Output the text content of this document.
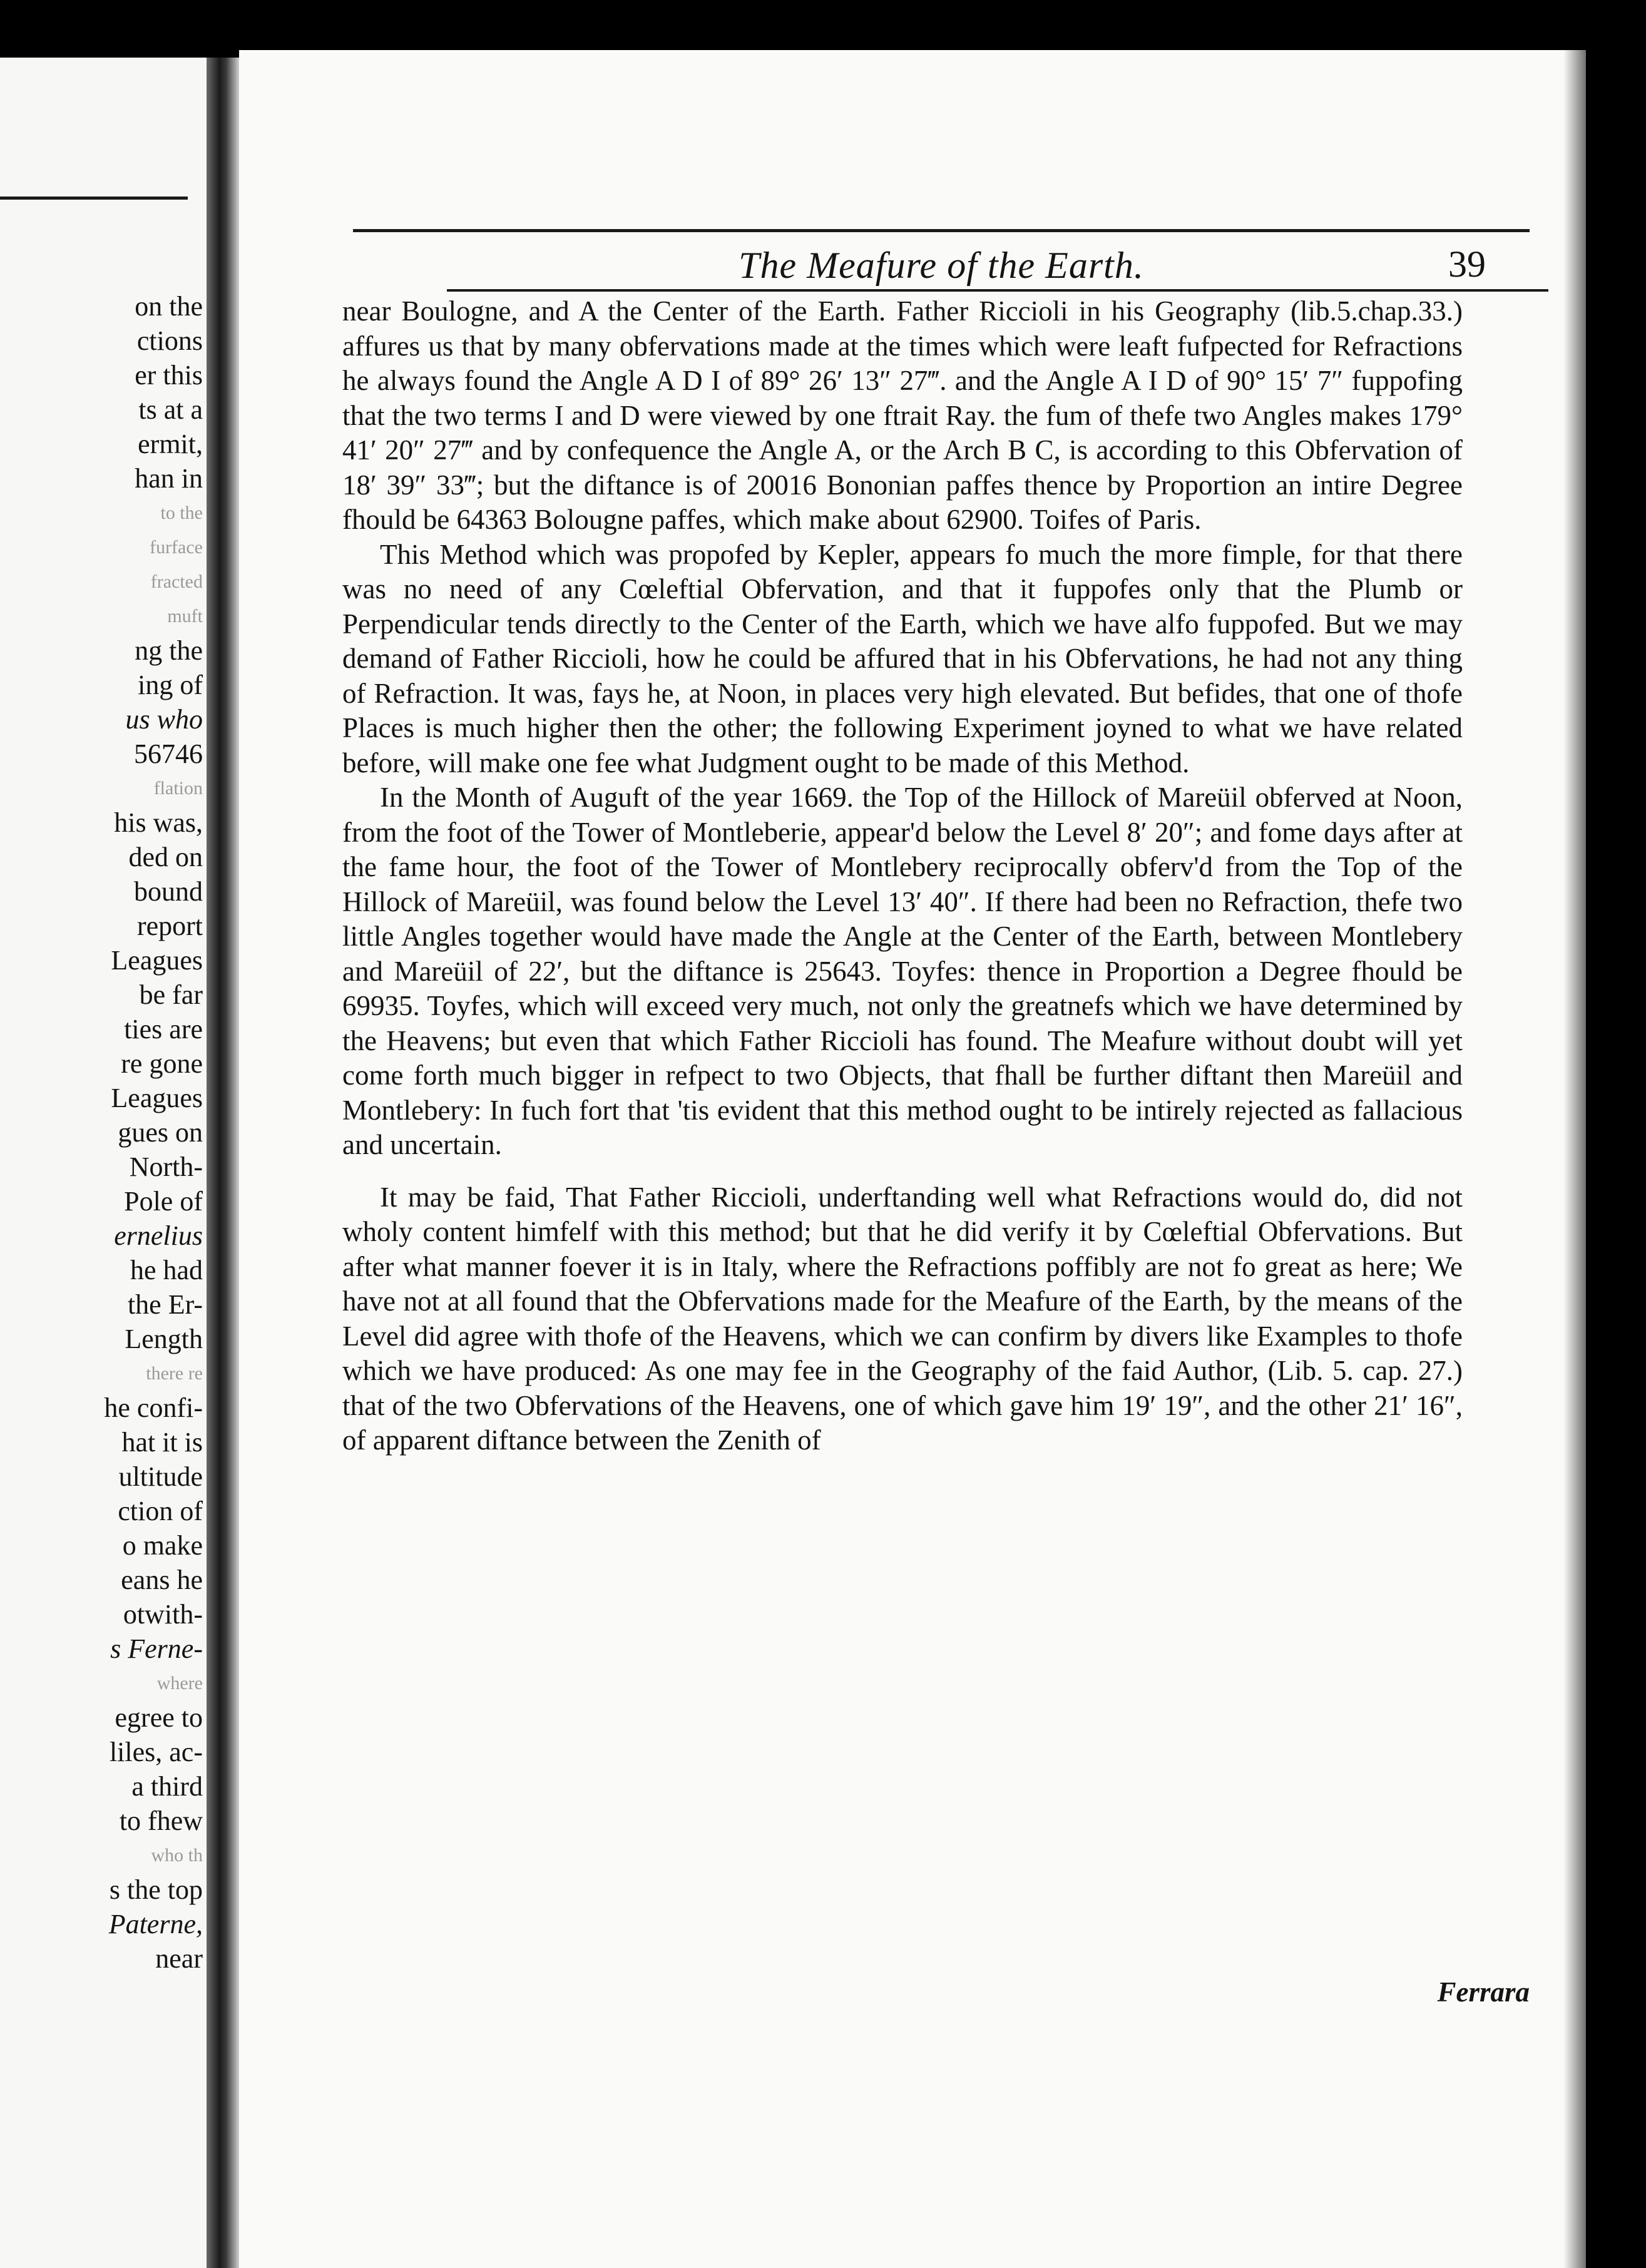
on the
ctions
er this
ts at a
ermit,
han in
to the
furface
fracted
muft
ng the
ing of
us who
56746
flation
his was,
ded on
bound
report
Leagues
be far
ties are
re gone
Leagues
gues on
North-
Pole of
ernelius
he had
the Er-
Length
there re
he confi-
hat it is
ultitude
ction of
o make
eans he
otwith-
s Ferne-
where
egree to
liles, ac-
a third
to fhew
who th
s the top
Paterne,
near
The Meafure of the Earth.	39

near Boulogne, and A the Center of the Earth. Father Riccioli in his Geography (lib.5.chap.33.) affures us that by many obfervations made at the times which were leaft fufpected for Refractions he always found the Angle A D I of 89° 26′ 13″ 27‴. and the Angle A I D of 90° 15′ 7″ fuppofing that the two terms I and D were viewed by one ftrait Ray. the fum of thefe two Angles makes 179° 41′ 20″ 27‴ and by confequence the Angle A, or the Arch B C, is according to this Obfervation of 18′ 39″ 33‴; but the diftance is of 20016 Bononian paffes thence by Proportion an intire Degree fhould be 64363 Bolougne paffes, which make about 62900. Toifes of Paris.

This Method which was propofed by Kepler, appears fo much the more fimple, for that there was no need of any Cœleftial Obfervation, and that it fuppofes only that the Plumb or Perpendicular tends directly to the Center of the Earth, which we have alfo fuppofed. But we may demand of Father Riccioli, how he could be affured that in his Obfervations, he had not any thing of Refraction. It was, fays he, at Noon, in places very high elevated. But befides, that one of thofe Places is much higher then the other; the following Experiment joyned to what we have related before, will make one fee what Judgment ought to be made of this Method.

In the Month of Auguft of the year 1669. the Top of the Hillock of Mareüil obferved at Noon, from the foot of the Tower of Montleberie, appear'd below the Level 8′ 20″; and fome days after at the fame hour, the foot of the Tower of Montlebery reciprocally obferv'd from the Top of the Hillock of Mareüil, was found below the Level 13′ 40″. If there had been no Refraction, thefe two little Angles together would have made the Angle at the Center of the Earth, between Montlebery and Mareüil of 22′, but the diftance is 25643. Toyfes: thence in Proportion a Degree fhould be 69935. Toyfes, which will exceed very much, not only the greatnefs which we have determined by the Heavens; but even that which Father Riccioli has found. The Meafure without doubt will yet come forth much bigger in refpect to two Objects, that fhall be further diftant then Mareüil and Montlebery: In fuch fort that 'tis evident that this method ought to be intirely rejected as fallacious and uncertain.

It may be faid, That Father Riccioli, underftanding well what Refractions would do, did not wholy content himfelf with this method; but that he did verify it by Cœleftial Obfervations. But after what manner foever it is in Italy, where the Refractions poffibly are not fo great as here; We have not at all found that the Obfervations made for the Meafure of the Earth, by the means of the Level did agree with thofe of the Heavens, which we can confirm by divers like Examples to thofe which we have produced: As one may fee in the Geography of the faid Author, (Lib. 5. cap. 27.) that of the two Obfervations of the Heavens, one of which gave him 19′ 19″, and the other 21′ 16″, of apparent diftance between the Zenith of

Ferrara
